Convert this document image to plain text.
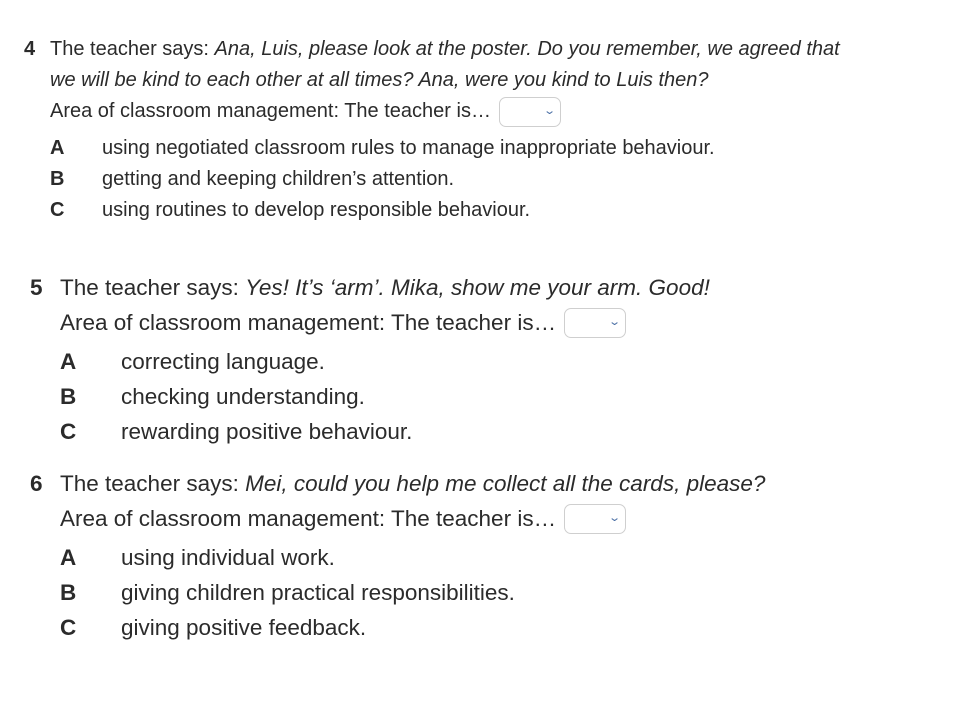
4 The teacher says:
Ana, Luis, please look at the poster. Do you remember, we agreed that
we will be kind to each other at all times? Ana, were you kind to Luis then?
Area of classroom management: The teacher is…	⌄
A	using negotiated classroom rules to manage inappropriate behaviour.
B	getting and keeping children’s attention.
C	using routines to develop responsible behaviour.
5 The teacher says:
Yes! It’s ‘arm’. Mika, show me your arm. Good!
Area of classroom management: The teacher is…	⌄
A	correcting language.
B	checking understanding.
C	rewarding positive behaviour.
6 The teacher says:
Mei, could you help me collect all the cards, please?
Area of classroom management: The teacher is…	⌄
A	using individual work.
B	giving children practical responsibilities.
C	giving positive feedback.
